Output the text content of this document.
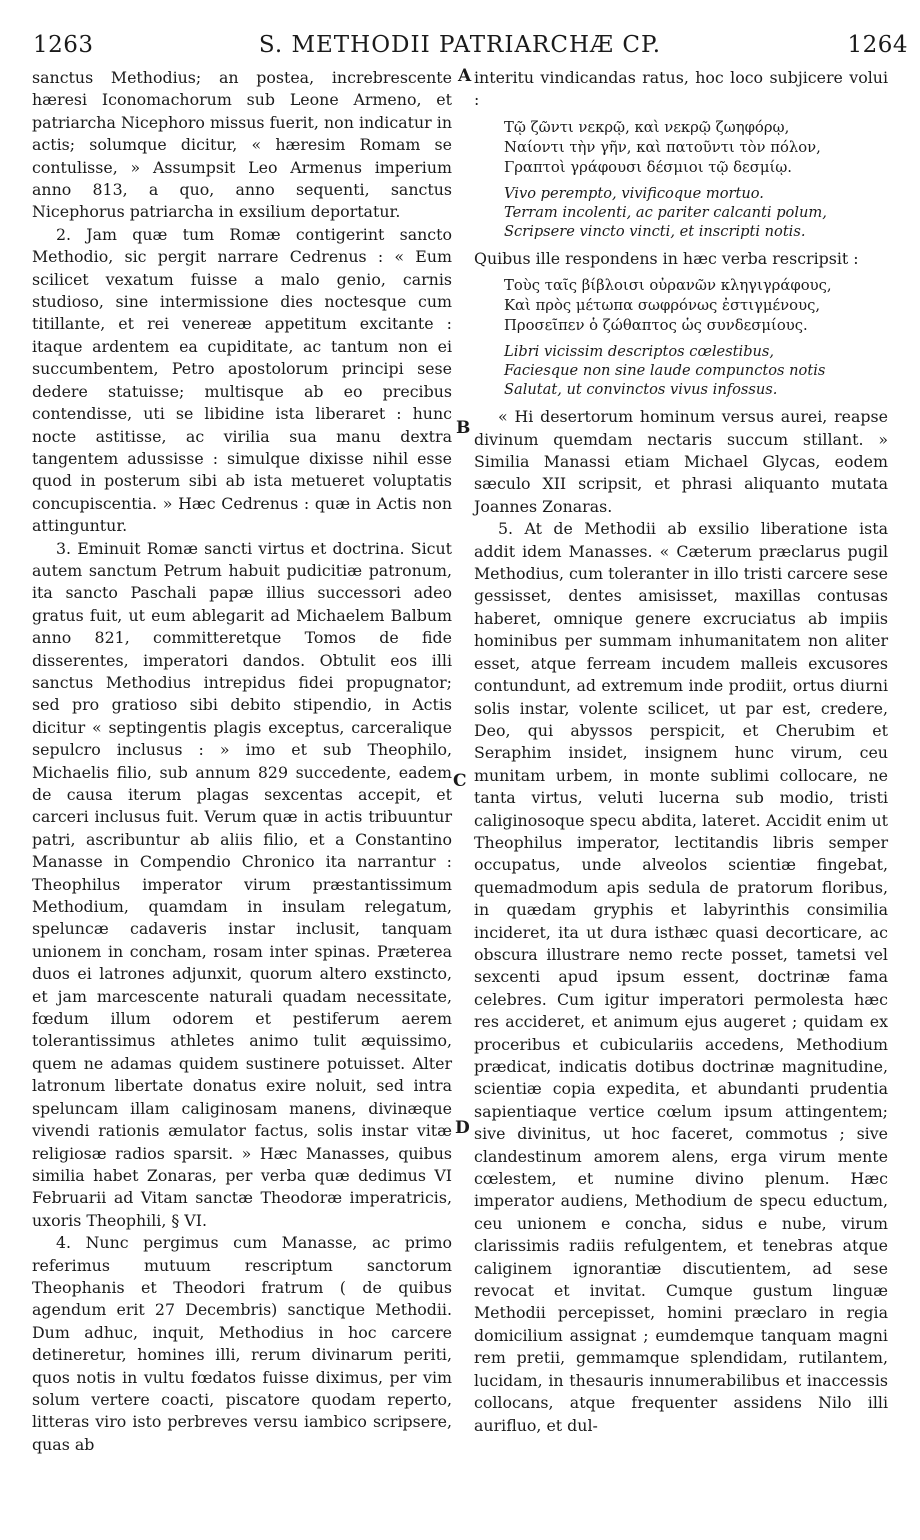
S. METHODII PATRIARCHÆ CP.
1263	1264
A
B
C
D

sanctus Methodius; an postea, increbrescente hæresi Iconomachorum sub Leone Armeno, et patriarcha Nicephoro missus fuerit, non indicatur in actis; solumque dicitur, « hæresim Romam se contulisse, » Assumpsit Leo Armenus imperium anno 813, a quo, anno sequenti, sanctus Nicephorus patriarcha in exsilium deportatur.

2. Jam quæ tum Romæ contigerint sancto Methodio, sic pergit narrare Cedrenus : « Eum scilicet vexatum fuisse a malo genio, carnis studioso, sine intermissione dies noctesque cum titillante, et rei venereæ appetitum excitante : itaque ardentem ea cupiditate, ac tantum non ei succumbentem, Petro apostolorum principi sese dedere statuisse; multisque ab eo precibus contendisse, uti se libidine ista liberaret : hunc nocte astitisse, ac virilia sua manu dextra tangentem adussisse : simulque dixisse nihil esse quod in posterum sibi ab ista metueret voluptatis concupiscentia. » Hæc Cedrenus : quæ in Actis non attinguntur.

3. Eminuit Romæ sancti virtus et doctrina. Sicut autem sanctum Petrum habuit pudicitiæ patronum, ita sancto Paschali papæ illius successori adeo gratus fuit, ut eum ablegarit ad Michaelem Balbum anno 821, committeretque Tomos de fide disserentes, imperatori dandos. Obtulit eos illi sanctus Methodius intrepidus fidei propugnator; sed pro gratioso sibi debito stipendio, in Actis dicitur « septingentis plagis exceptus, carceralique sepulcro inclusus : » imo et sub Theophilo, Michaelis filio, sub annum 829 succedente, eadem de causa iterum plagas sexcentas accepit, et carceri inclusus fuit. Verum quæ in actis tribuuntur patri, ascribuntur ab aliis filio, et a Constantino Manasse in Compendio Chronico ita narrantur : Theophilus imperator virum præstantissimum Methodium, quamdam in insulam relegatum, speluncæ cadaveris instar inclusit, tanquam unionem in concham, rosam inter spinas. Præterea duos ei latrones adjunxit, quorum altero exstincto, et jam marcescente naturali quadam necessitate, fœdum illum odorem et pestiferum aerem tolerantissimus athletes animo tulit æquissimo, quem ne adamas quidem sustinere potuisset. Alter latronum libertate donatus exire noluit, sed intra speluncam illam caliginosam manens, divinæque vivendi rationis æmulator factus, solis instar vitæ religiosæ radios sparsit. » Hæc Manasses, quibus similia habet Zonaras, per verba quæ dedimus VI Februarii ad Vitam sanctæ Theodoræ imperatricis, uxoris Theophili, § VI.

4. Nunc pergimus cum Manasse, ac primo referimus mutuum rescriptum sanctorum Theophanis et Theodori fratrum ( de quibus agendum erit 27 Decembris) sanctique Methodii. Dum adhuc, inquit, Methodius in hoc carcere detineretur, homines illi, rerum divinarum periti, quos notis in vultu fœdatos fuisse diximus, per vim solum vertere coacti, piscatore quodam reperto, litteras viro isto perbreves versu iambico scripsere, quas ab

interitu vindicandas ratus, hoc loco subjicere volui :

Τῷ ζῶντι νεκρῷ, καὶ νεκρῷ ζωηφόρῳ,
Ναίοντι τὴν γῆν, καὶ πατοῦντι τὸν πόλον,
Γραπτοὶ γράφουσι δέσμιοι τῷ δεσμίῳ.
Vivo perempto, vivificoque mortuo.
Terram incolenti, ac pariter calcanti polum,
Scripsere vincto vincti, et inscripti notis.

Quibus ille respondens in hæc verba rescripsit :

Τοὺς ταῖς βίβλοισι οὐρανῶν κληγιγράφους,
Καὶ πρὸς μέτωπα σωφρόνως ἐστιγμένους,
Προσεῖπεν ὁ ζώθαπτος ὡς συνδεσμίους.
Libri vicissim descriptos cœlestibus,
Faciesque non sine laude compunctos notis
Salutat, ut convinctos vivus infossus.

« Hi desertorum hominum versus aurei, reapse divinum quemdam nectaris succum stillant. » Similia Manassi etiam Michael Glycas, eodem sæculo XII scripsit, et phrasi aliquanto mutata Joannes Zonaras.

5. At de Methodii ab exsilio liberatione ista addit idem Manasses. « Cæterum præclarus pugil Methodius, cum toleranter in illo tristi carcere sese gessisset, dentes amisisset, maxillas contusas haberet, omnique genere excruciatus ab impiis hominibus per summam inhumanitatem non aliter esset, atque ferream incudem malleis excusores contundunt, ad extremum inde prodiit, ortus diurni solis instar, volente scilicet, ut par est, credere, Deo, qui abyssos perspicit, et Cherubim et Seraphim insidet, insignem hunc virum, ceu munitam urbem, in monte sublimi collocare, ne tanta virtus, veluti lucerna sub modio, tristi caliginosoque specu abdita, lateret. Accidit enim ut Theophilus imperator, lectitandis libris semper occupatus, unde alveolos scientiæ fingebat, quemadmodum apis sedula de pratorum floribus, in quædam gryphis et labyrinthis consimilia incideret, ita ut dura isthæc quasi decorticare, ac obscura illustrare nemo recte posset, tametsi vel sexcenti apud ipsum essent, doctrinæ fama celebres. Cum igitur imperatori permolesta hæc res accideret, et animum ejus augeret ; quidam ex proceribus et cubiculariis accedens, Methodium prædicat, indicatis dotibus doctrinæ magnitudine, scientiæ copia expedita, et abundanti prudentia sapientiaque vertice cœlum ipsum attingentem; sive divinitus, ut hoc faceret, commotus ; sive clandestinum amorem alens, erga virum mente cœlestem, et numine divino plenum. Hæc imperator audiens, Methodium de specu eductum, ceu unionem e concha, sidus e nube, virum clarissimis radiis refulgentem, et tenebras atque caliginem ignorantiæ discutientem, ad sese revocat et invitat. Cumque gustum linguæ Methodii percepisset, homini præclaro in regia domicilium assignat ; eumdemque tanquam magni rem pretii, gemmamque splendidam, rutilantem, lucidam, in thesauris innumerabilibus et inaccessis collocans, atque frequenter assidens Nilo illi aurifluo, et dul-
